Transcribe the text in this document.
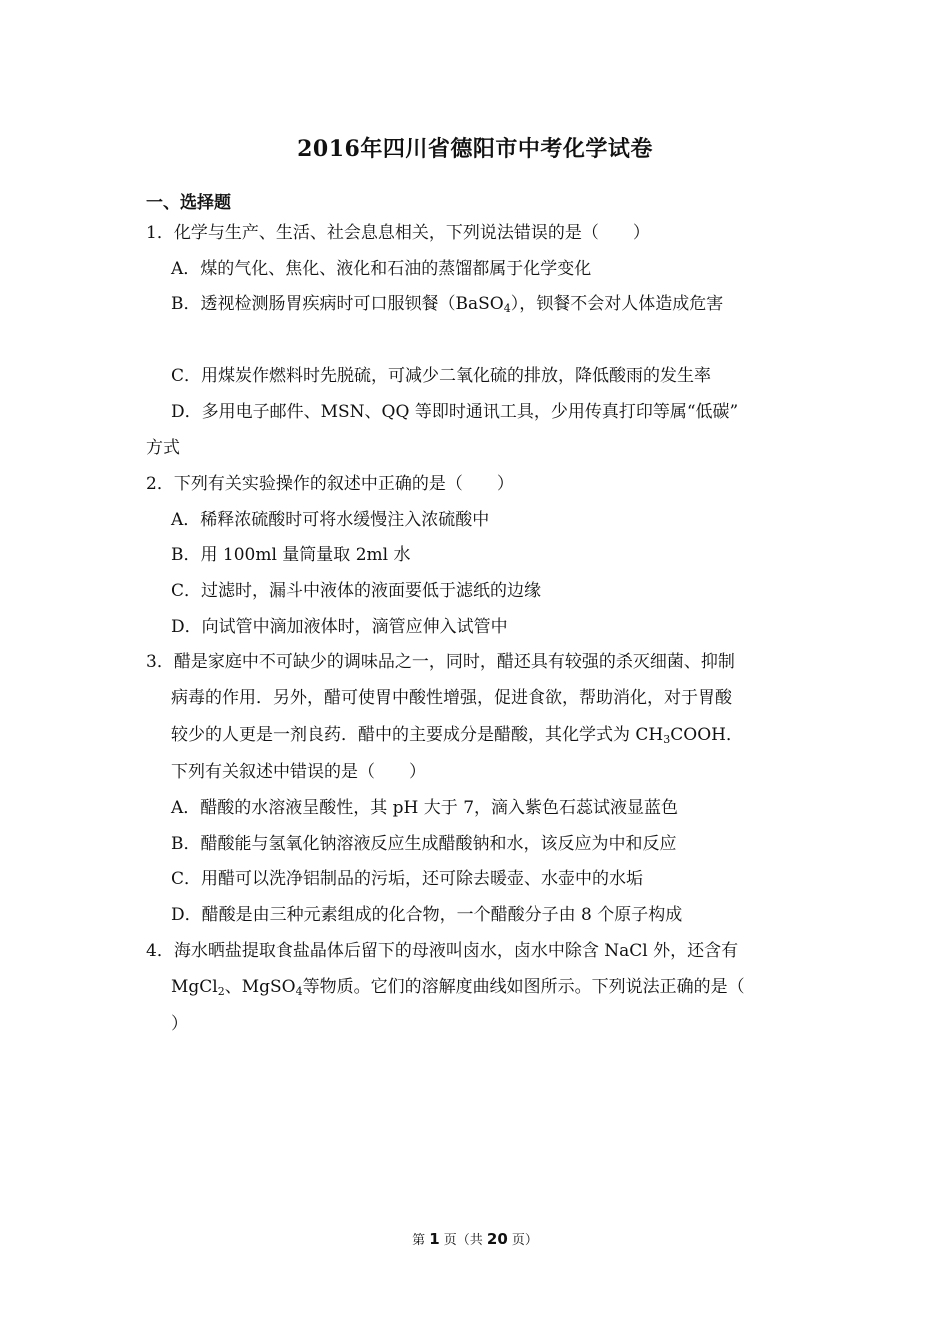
2016年四川省德阳市中考化学试卷
一、选择题
1．化学与生产、生活、社会息息相关，下列说法错误的是（　　）
A．煤的气化、焦化、液化和石油的蒸馏都属于化学变化
B．透视检测肠胃疾病时可口服钡餐（BaSO$_4$），钡餐不会对人体造成危害
C．用煤炭作燃料时先脱硫，可减少二氧化硫的排放，降低酸雨的发生率
D．多用电子邮件、MSN、QQ 等即时通讯工具，少用传真打印等属“低碳”
方式
2．下列有关实验操作的叙述中正确的是（　　）
A．稀释浓硫酸时可将水缓慢注入浓硫酸中
B．用 100ml 量筒量取 2ml 水
C．过滤时，漏斗中液体的液面要低于滤纸的边缘
D．向试管中滴加液体时，滴管应伸入试管中
3．醋是家庭中不可缺少的调味品之一，同时，醋还具有较强的杀灭细菌、抑制
病毒的作用．另外，醋可使胃中酸性增强，促进食欲，帮助消化，对于胃酸
较少的人更是一剂良药．醋中的主要成分是醋酸，其化学式为 $CH_3COOH$．
下列有关叙述中错误的是（　　）
A．醋酸的水溶液呈酸性，其 pH 大于 7，滴入紫色石蕊试液显蓝色
B．醋酸能与氢氧化钠溶液反应生成醋酸钠和水，该反应为中和反应
C．用醋可以洗净铝制品的污垢，还可除去暖壶、水壶中的水垢
D．醋酸是由三种元素组成的化合物，一个醋酸分子由 8 个原子构成
4．海水晒盐提取食盐晶体后留下的母液叫卤水，卤水中除含 NaCl 外，还含有
MgCl$_2$、MgSO$_4$等物质。它们的溶解度曲线如图所示。下列说法正确的是（
）
第 1 页（共 20 页）
